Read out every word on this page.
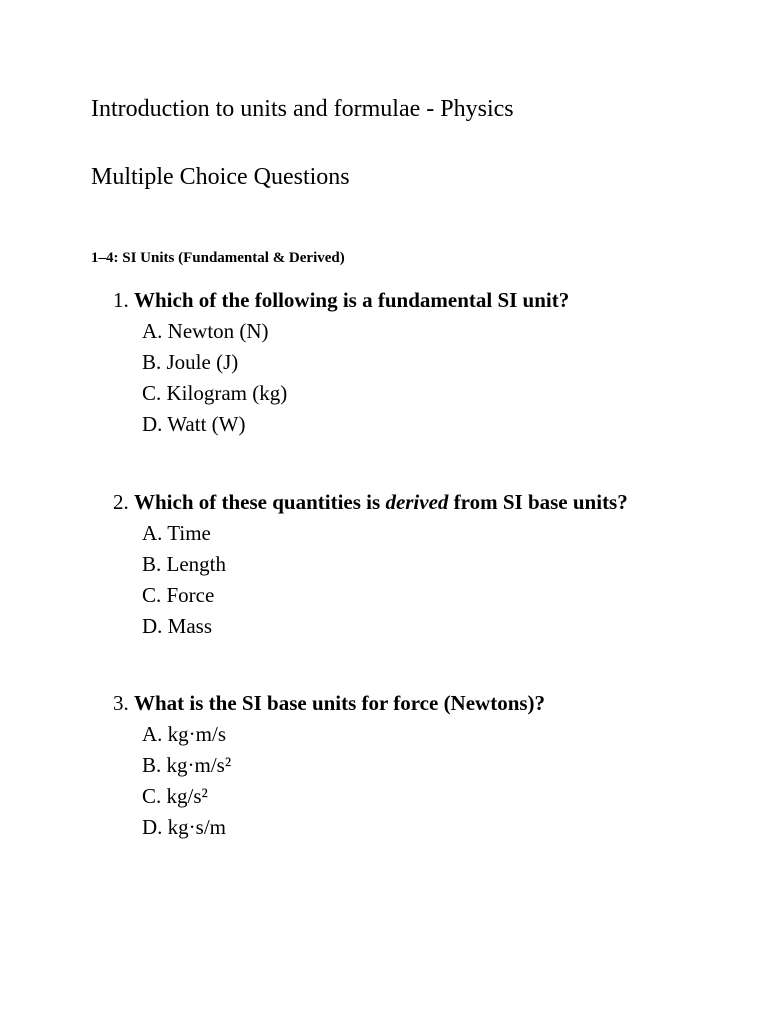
Introduction to units and formulae - Physics
Multiple Choice Questions
1–4: SI Units (Fundamental & Derived)
1. Which of the following is a fundamental SI unit?
A. Newton (N)
B. Joule (J)
C. Kilogram (kg)
D. Watt (W)
2. Which of these quantities is derived from SI base units?
A. Time
B. Length
C. Force
D. Mass
3. What is the SI base units for force (Newtons)?
A. kg·m/s
B. kg·m/s²
C. kg/s²
D. kg·s/m
